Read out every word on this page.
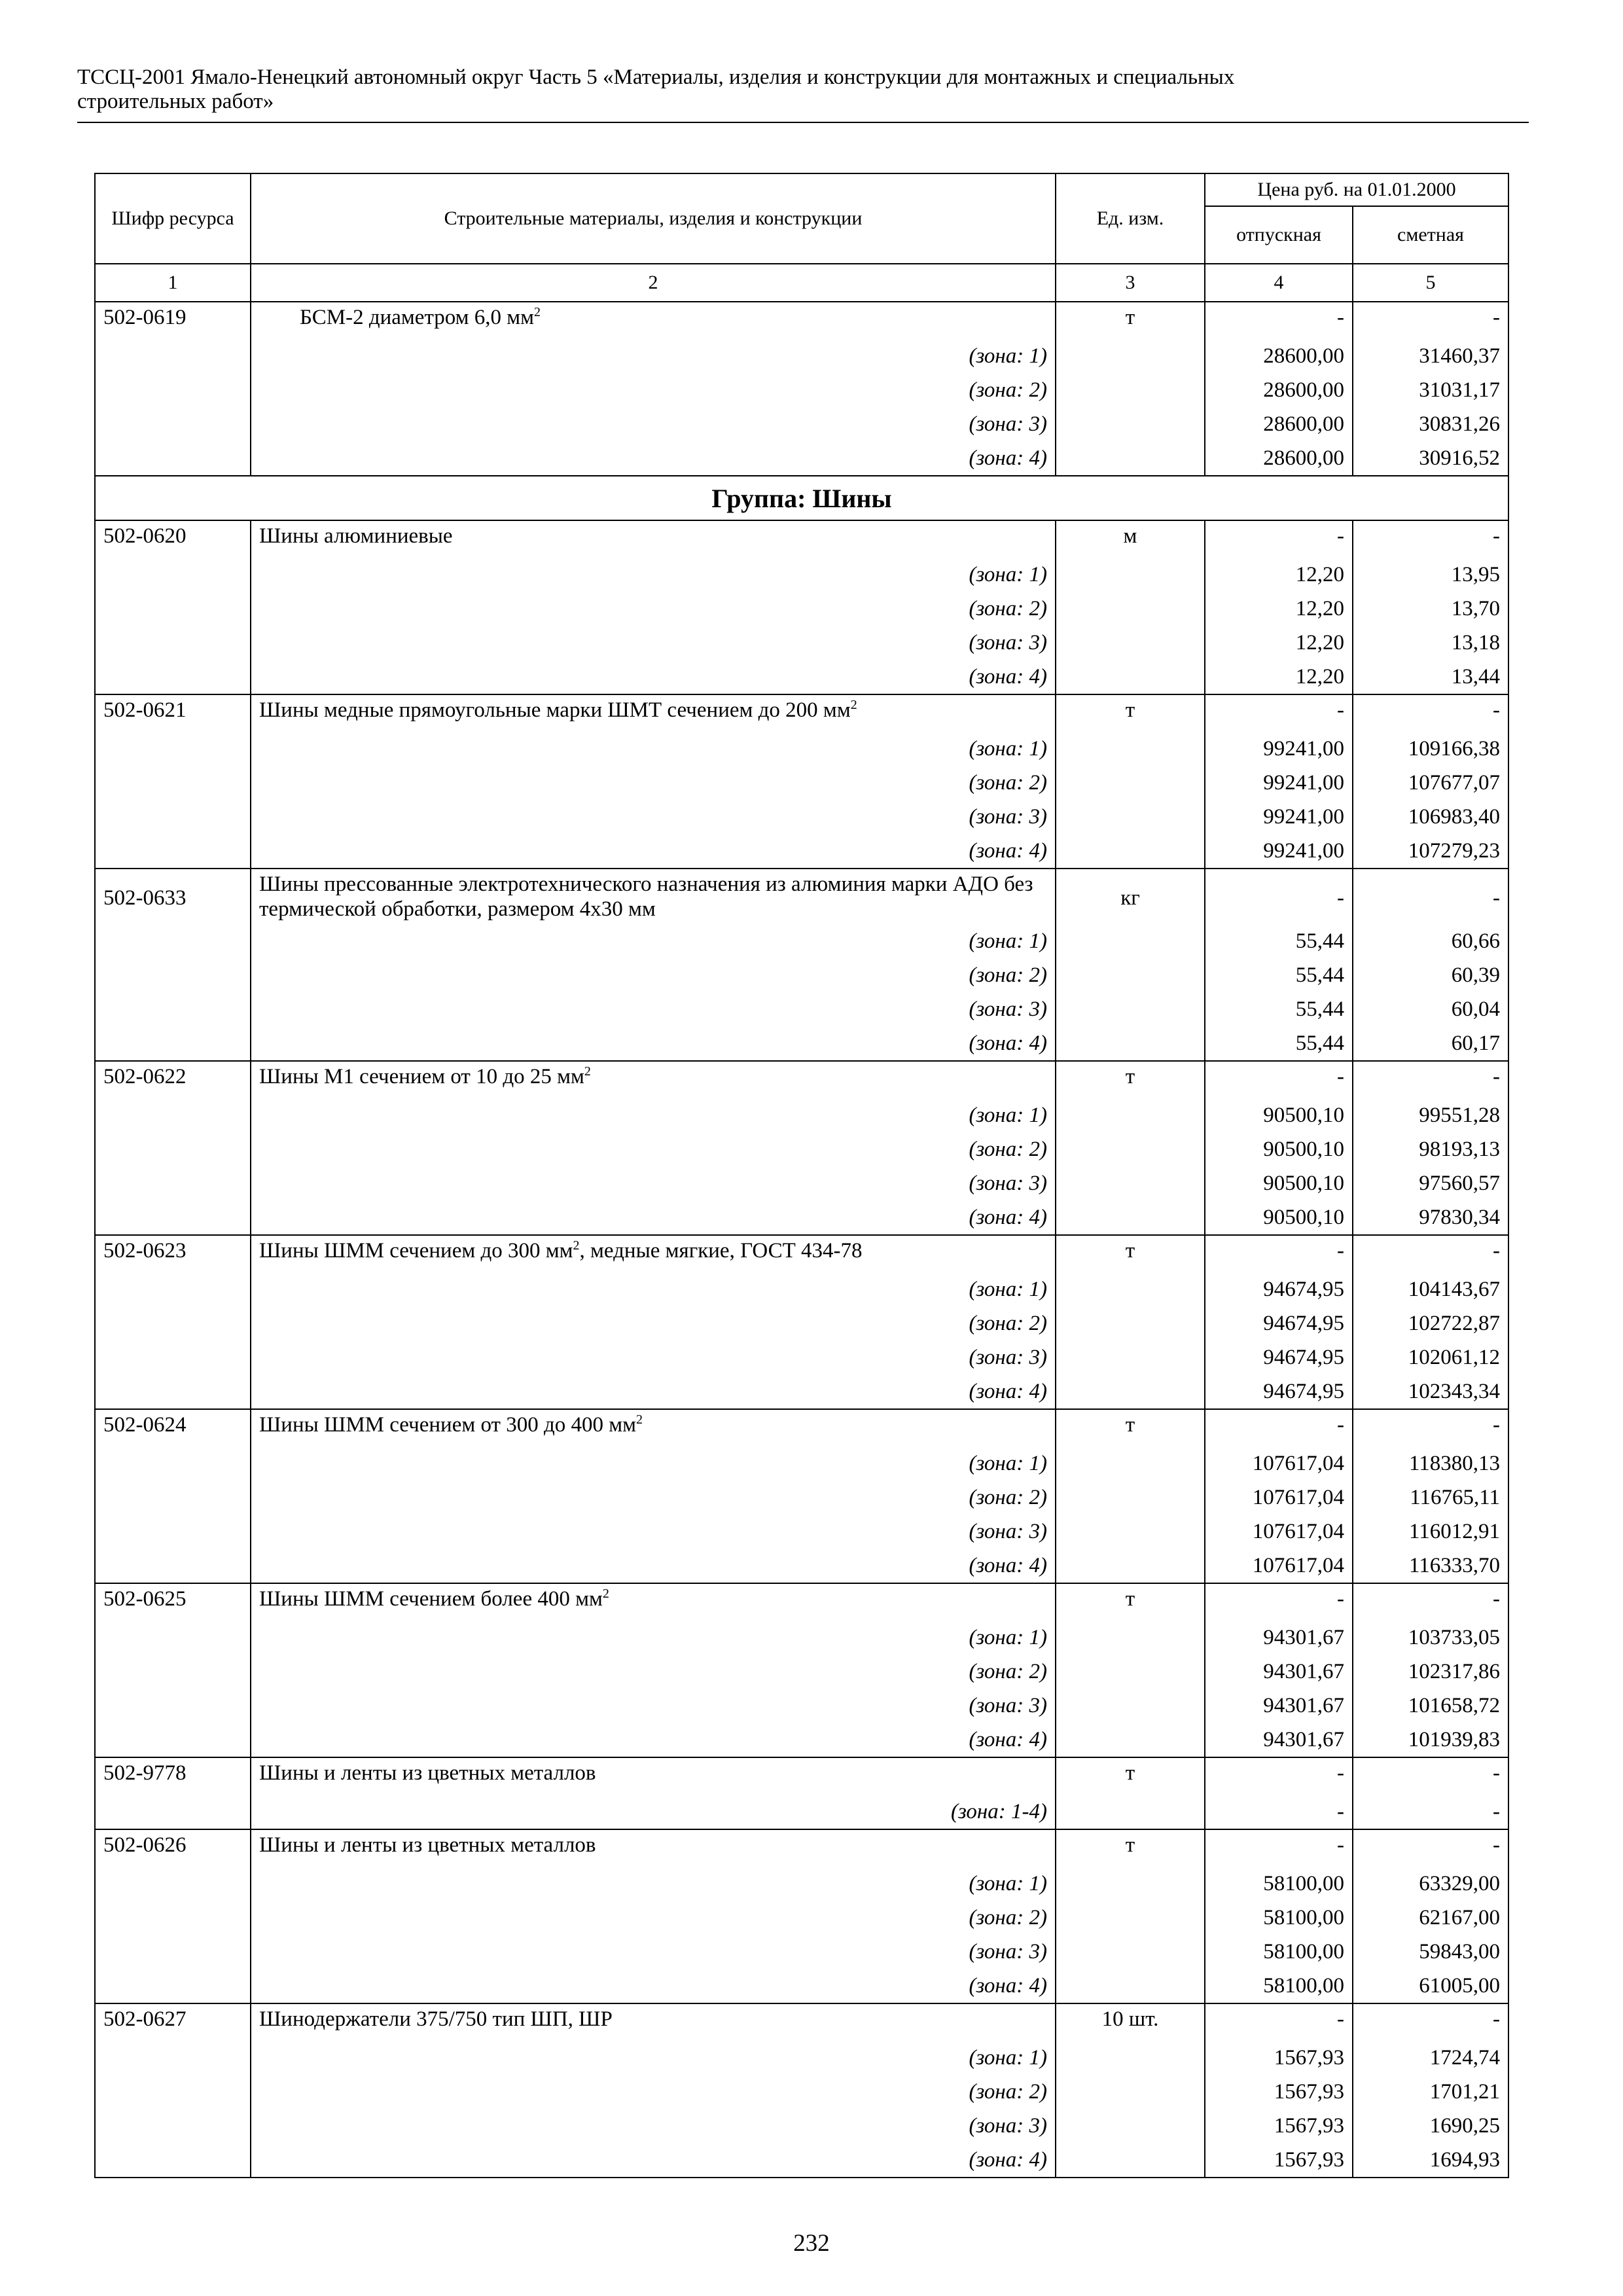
ТССЦ-2001 Ямало-Ненецкий автономный округ Часть 5 «Материалы, изделия и конструкции для монтажных и специальных
строительных работ»
Шифр ресурса	Строительные материалы, изделия и конструкции	Ед. изм.	Цена руб. на 01.01.2000	
			отпускная	сметная
1	2	3	4	5
502-0619	БСМ-2 диаметром 6,0 $мм^2$	т	-	-
	(зона: 1)		28600,00	31460,37
	(зона: 2)		28600,00	31031,17
	(зона: 3)		28600,00	30831,26
	(зона: 4)		28600,00	30916,52
Группа: Шины				
502-0620	Шины алюминиевые	м	-	-
	(зона: 1)		12,20	13,95
	(зона: 2)		12,20	13,70
	(зона: 3)		12,20	13,18
	(зона: 4)		12,20	13,44
502-0621	Шины медные прямоугольные марки ШМТ сечением до 200 $мм^2$	т	-	-
	(зона: 1)		99241,00	109166,38
	(зона: 2)		99241,00	107677,07
	(зона: 3)		99241,00	106983,40
	(зона: 4)		99241,00	107279,23
502-0633	Шины прессованные электротехнического назначения из алюминия марки АДО без термической обработки, размером 4х30 мм	кг	-	-
	(зона: 1)		55,44	60,66
	(зона: 2)		55,44	60,39
	(зона: 3)		55,44	60,04
	(зона: 4)		55,44	60,17
502-0622	Шины М1 сечением от 10 до 25 $мм^2$	т	-	-
	(зона: 1)		90500,10	99551,28
	(зона: 2)		90500,10	98193,13
	(зона: 3)		90500,10	97560,57
	(зона: 4)		90500,10	97830,34
502-0623	Шины ШММ сечением до 300 $мм^2$, медные мягкие, ГОСТ 434-78	т	-	-
	(зона: 1)		94674,95	104143,67
	(зона: 2)		94674,95	102722,87
	(зона: 3)		94674,95	102061,12
	(зона: 4)		94674,95	102343,34
502-0624	Шины ШММ сечением от 300 до 400 $мм^2$	т	-	-
	(зона: 1)		107617,04	118380,13
	(зона: 2)		107617,04	116765,11
	(зона: 3)		107617,04	116012,91
	(зона: 4)		107617,04	116333,70
502-0625	Шины ШММ сечением более 400 $мм^2$	т	-	-
	(зона: 1)		94301,67	103733,05
	(зона: 2)		94301,67	102317,86
	(зона: 3)		94301,67	101658,72
	(зона: 4)		94301,67	101939,83
502-9778	Шины и ленты из цветных металлов	т	-	-
	(зона: 1-4)		-	-
502-0626	Шины и ленты из цветных металлов	т	-	-
	(зона: 1)		58100,00	63329,00
	(зона: 2)		58100,00	62167,00
	(зона: 3)		58100,00	59843,00
	(зона: 4)		58100,00	61005,00
502-0627	Шинодержатели 375/750 тип ШП, ШР	10 шт.	-	-
	(зона: 1)		1567,93	1724,74
	(зона: 2)		1567,93	1701,21
	(зона: 3)		1567,93	1690,25
	(зона: 4)		1567,93	1694,93
232
